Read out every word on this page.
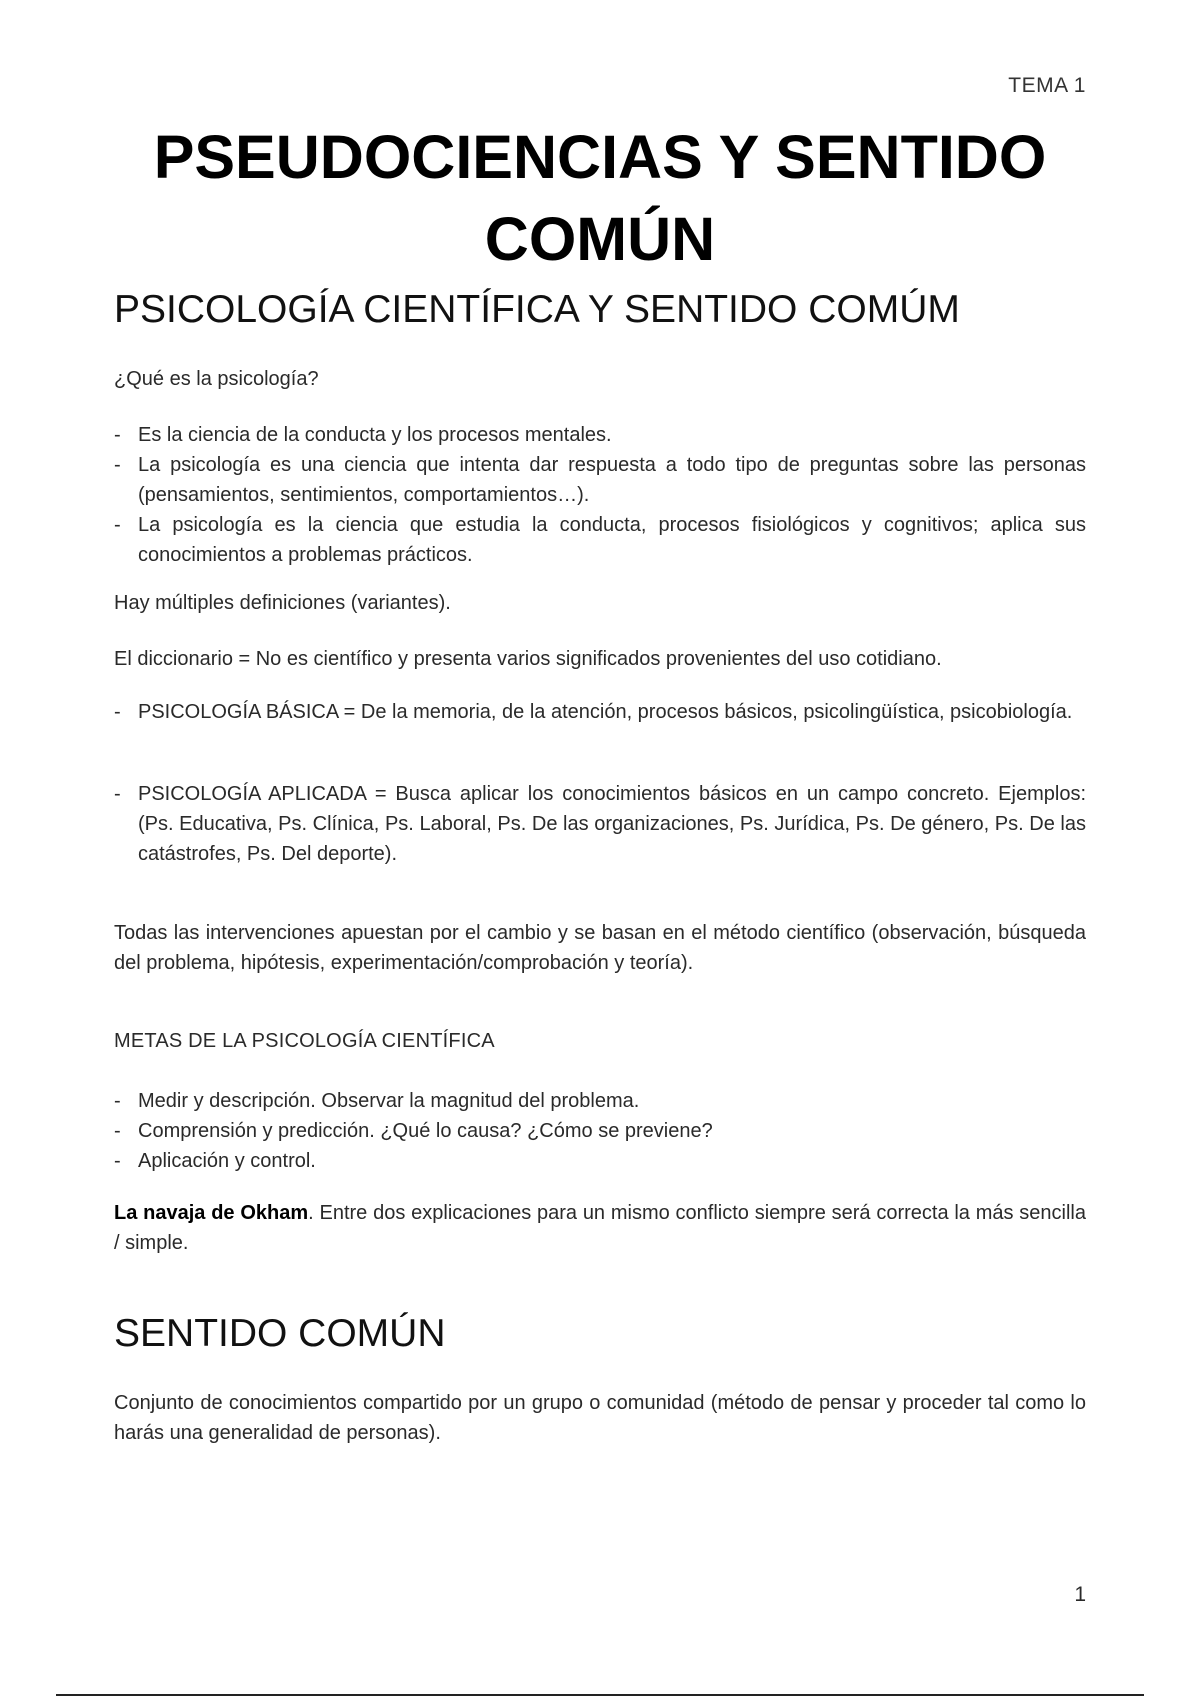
TEMA 1
PSEUDOCIENCIAS Y SENTIDO COMÚN
PSICOLOGÍA CIENTÍFICA Y SENTIDO COMÚM

¿Qué es la psicología?

- Es la ciencia de la conducta y los procesos mentales.
- La psicología es una ciencia que intenta dar respuesta a todo tipo de preguntas sobre las personas (pensamientos, sentimientos, comportamientos…).
- La psicología es la ciencia que estudia la conducta, procesos fisiológicos y cognitivos; aplica sus conocimientos a problemas prácticos.

Hay múltiples definiciones (variantes).

El diccionario = No es científico y presenta varios significados provenientes del uso cotidiano.

- PSICOLOGÍA BÁSICA = De la memoria, de la atención, procesos básicos, psicolingüística, psicobiología.
- PSICOLOGÍA APLICADA = Busca aplicar los conocimientos básicos en un campo concreto. Ejemplos: (Ps. Educativa, Ps. Clínica, Ps. Laboral, Ps. De las organizaciones, Ps. Jurídica, Ps. De género, Ps. De las catástrofes, Ps. Del deporte).

Todas las intervenciones apuestan por el cambio y se basan en el método científico (observación, búsqueda del problema, hipótesis, experimentación/comprobación y teoría).

METAS DE LA PSICOLOGÍA CIENTÍFICA
- Medir y descripción. Observar la magnitud del problema.
- Comprensión y predicción. ¿Qué lo causa? ¿Cómo se previene?
- Aplicación y control.

La navaja de Okham. Entre dos explicaciones para un mismo conflicto siempre será correcta la más sencilla / simple.

SENTIDO COMÚN

Conjunto de conocimientos compartido por un grupo o comunidad (método de pensar y proceder tal como lo harás una generalidad de personas).

1
